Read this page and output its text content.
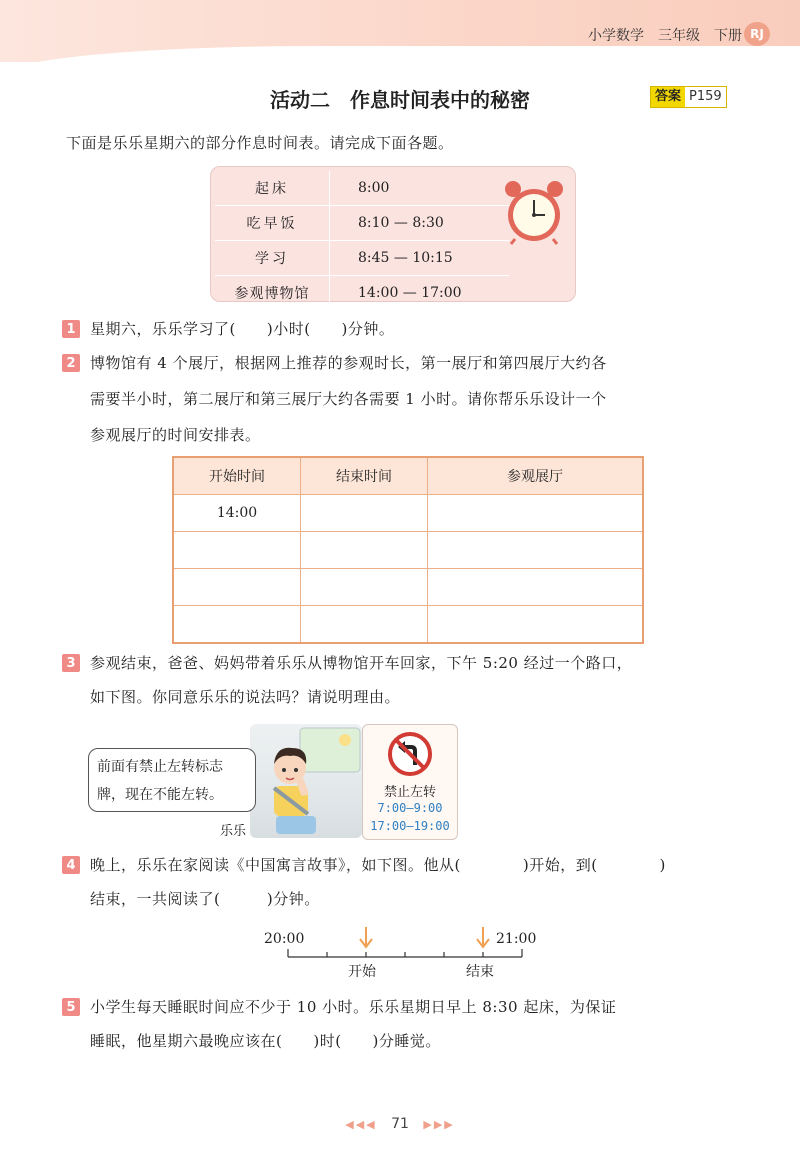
小学数学 三年级 下册 RJ
活动二　作息时间表中的秘密	答案 P159
下面是乐乐星期六的部分作息时间表。请完成下面各题。
起床	8:00
吃早饭	8:10 — 8:30
学习	8:45 — 10:15
参观博物馆	14:00 — 17:00
1 星期六，乐乐学习了(　　)小时(　　)分钟。
2 博物馆有 4 个展厅，根据网上推荐的参观时长，第一展厅和第四展厅大约各
需要半小时，第二展厅和第三展厅大约各需要 1 小时。请你帮乐乐设计一个
参观展厅的时间安排表。
开始时间	结束时间	参观展厅
14:00		

3 参观结束，爸爸、妈妈带着乐乐从博物馆开车回家，下午 5:20 经过一个路口，
如下图。你同意乐乐的说法吗？请说明理由。
前面有禁止左转标志
牌，现在不能左转。
乐乐
禁止左转
7:00—9:00
17:00—19:00
4 晚上，乐乐在家阅读《中国寓言故事》，如下图。他从(　　　　)开始，到(　　　　)
结束，一共阅读了(　　　)分钟。
20:00	21:00
开始	结束
5 小学生每天睡眠时间应不少于 10 小时。乐乐星期日早上 8:30 起床，为保证
睡眠，他星期六最晚应该在(　　)时(　　)分睡觉。
◀◀◀ 71 ▶▶▶
